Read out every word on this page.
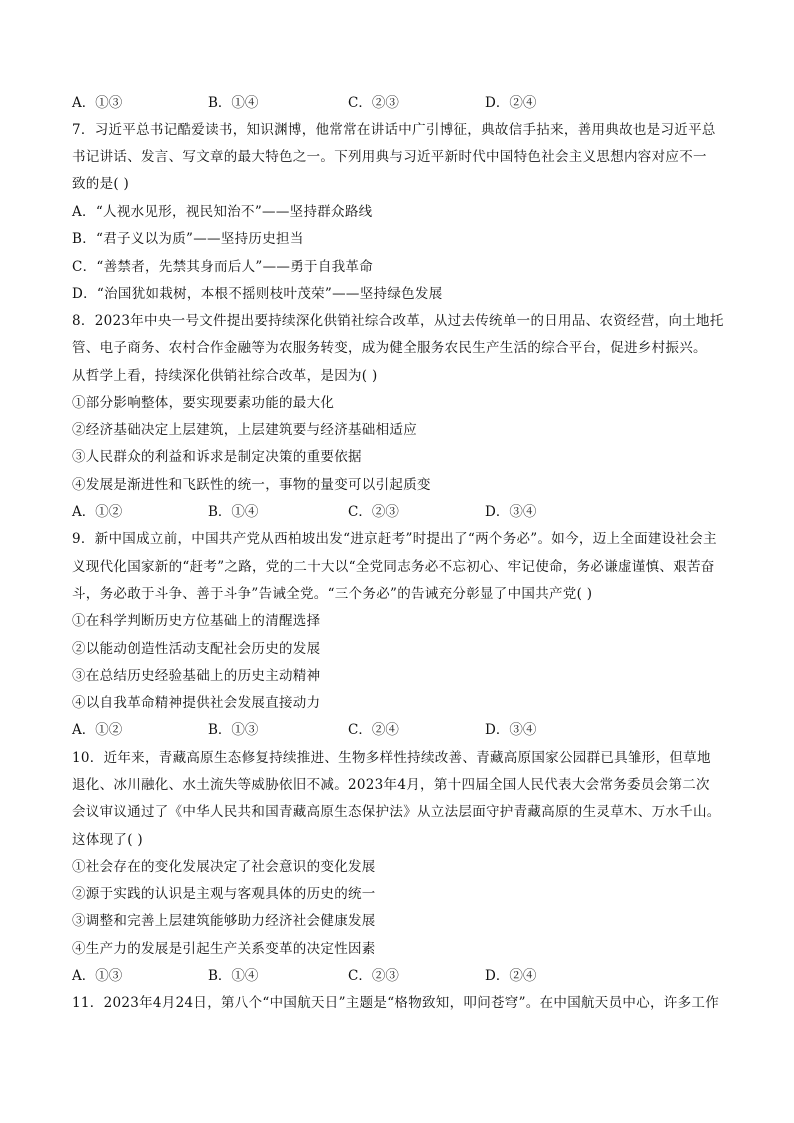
A．①③	B．①④	C．②③	D．②④
7．习近平总书记酷爱读书，知识渊博，他常常在讲话中广引博征，典故信手拈来，善用典故也是习近平总
书记讲话、发言、写文章的最大特色之一。下列用典与习近平新时代中国特色社会主义思想内容对应不一
致的是( )
A．“人视水见形，视民知治不”——坚持群众路线
B．“君子义以为质”——坚持历史担当
C．“善禁者，先禁其身而后人”——勇于自我革命
D．“治国犹如栽树，本根不摇则枝叶茂荣”——坚持绿色发展
8．2023年中央一号文件提出要持续深化供销社综合改革，从过去传统单一的日用品、农资经营，向土地托
管、电子商务、农村合作金融等为农服务转变，成为健全服务农民生产生活的综合平台，促进乡村振兴。
从哲学上看，持续深化供销社综合改革，是因为( )
①部分影响整体，要实现要素功能的最大化
②经济基础决定上层建筑，上层建筑要与经济基础相适应
③人民群众的利益和诉求是制定决策的重要依据
④发展是渐进性和飞跃性的统一，事物的量变可以引起质变
A．①②	B．①④	C．②③	D．③④
9．新中国成立前，中国共产党从西柏坡出发“进京赶考”时提出了“两个务必”。如今，迈上全面建设社会主
义现代化国家新的“赶考”之路，党的二十大以“全党同志务必不忘初心、牢记使命，务必谦虚谨慎、艰苦奋
斗，务必敢于斗争、善于斗争”告诫全党。“三个务必”的告诫充分彰显了中国共产党( )
①在科学判断历史方位基础上的清醒选择
②以能动创造性活动支配社会历史的发展
③在总结历史经验基础上的历史主动精神
④以自我革命精神提供社会发展直接动力
A．①②	B．①③	C．②④	D．③④
10．近年来，青藏高原生态修复持续推进、生物多样性持续改善、青藏高原国家公园群已具雏形，但草地
退化、冰川融化、水土流失等威胁依旧不减。2023年4月，第十四届全国人民代表大会常务委员会第二次
会议审议通过了《中华人民共和国青藏高原生态保护法》从立法层面守护青藏高原的生灵草木、万水千山。
这体现了( )
①社会存在的变化发展决定了社会意识的变化发展
②源于实践的认识是主观与客观具体的历史的统一
③调整和完善上层建筑能够助力经济社会健康发展
④生产力的发展是引起生产关系变革的决定性因素
A．①③	B．①④	C．②③	D．②④
11．2023年4月24日，第八个“中国航天日”主题是“格物致知，叩问苍穹”。在中国航天员中心，许多工作
